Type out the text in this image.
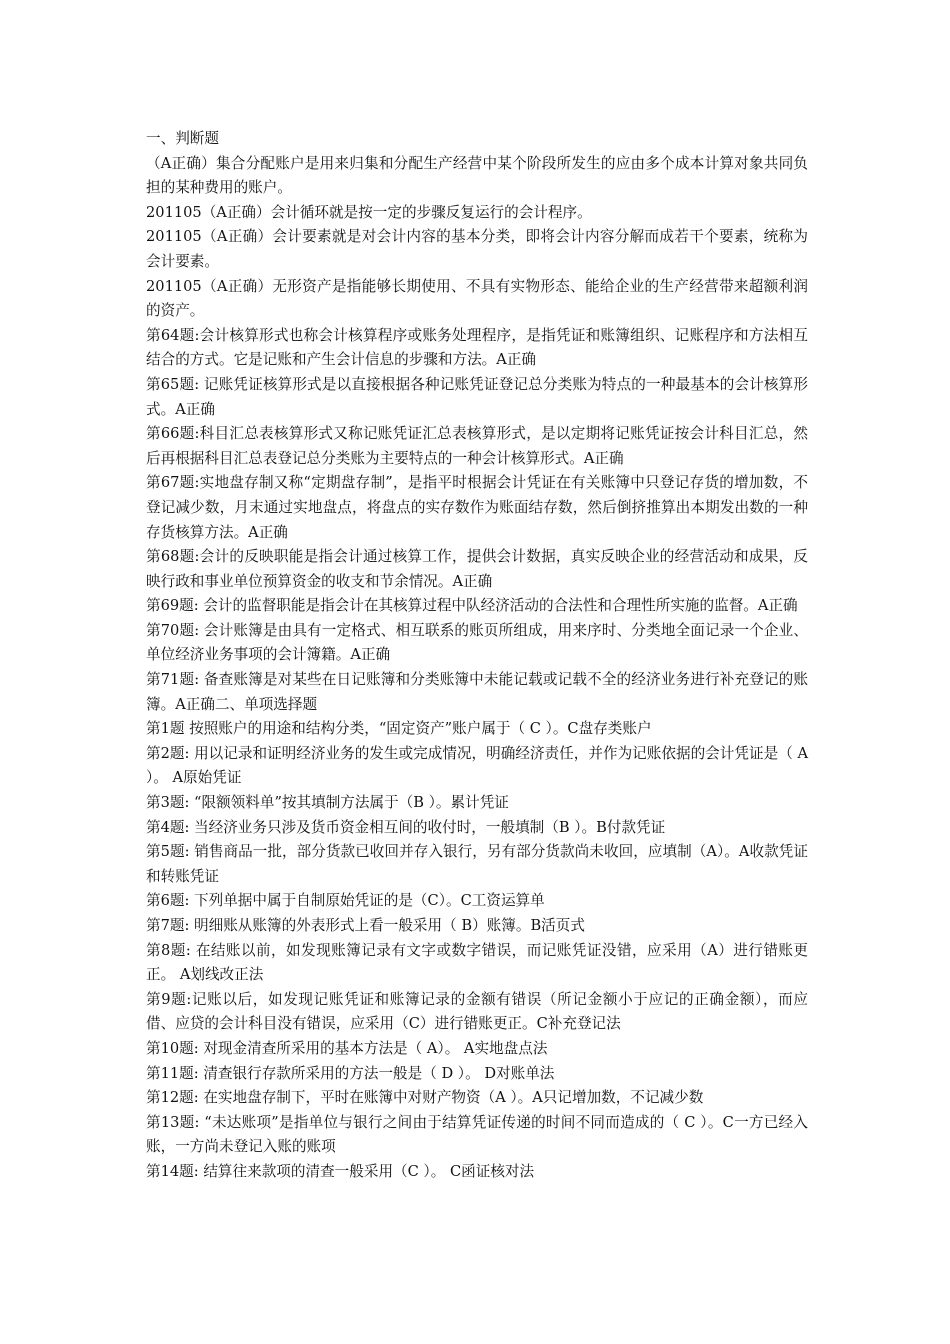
一、判断题

（A正确）集合分配账户是用来归集和分配生产经营中某个阶段所发生的应由多个成本计算对象共同负担的某种费用的账户。

201105（A正确）会计循环就是按一定的步骤反复运行的会计程序。

201105（A正确）会计要素就是对会计内容的基本分类，即将会计内容分解而成若干个要素，统称为会计要素。

201105（A正确）无形资产是指能够长期使用、不具有实物形态、能给企业的生产经营带来超额利润的资产。

第64题:会计核算形式也称会计核算程序或账务处理程序，是指凭证和账簿组织、记账程序和方法相互结合的方式。它是记账和产生会计信息的步骤和方法。A正确

第65题: 记账凭证核算形式是以直接根据各种记账凭证登记总分类账为特点的一种最基本的会计核算形式。A正确

第66题:科目汇总表核算形式又称记账凭证汇总表核算形式，是以定期将记账凭证按会计科目汇总，然后再根据科目汇总表登记总分类账为主要特点的一种会计核算形式。A正确

第67题:实地盘存制又称“定期盘存制”，是指平时根据会计凭证在有关账簿中只登记存货的增加数，不登记减少数，月末通过实地盘点，将盘点的实存数作为账面结存数，然后倒挤推算出本期发出数的一种存货核算方法。A正确

第68题:会计的反映职能是指会计通过核算工作，提供会计数据，真实反映企业的经营活动和成果，反映行政和事业单位预算资金的收支和节余情况。A正确

第69题: 会计的监督职能是指会计在其核算过程中队经济活动的合法性和合理性所实施的监督。A正确

第70题: 会计账簿是由具有一定格式、相互联系的账页所组成，用来序时、分类地全面记录一个企业、单位经济业务事项的会计簿籍。A正确

第71题: 备查账簿是对某些在日记账簿和分类账簿中未能记载或记载不全的经济业务进行补充登记的账簿。A正确二、单项选择题

第1题 按照账户的用途和结构分类，“固定资产”账户属于（ C ）。C盘存类账户

第2题: 用以记录和证明经济业务的发生或完成情况，明确经济责任，并作为记账依据的会计凭证是（ A ）。 A原始凭证

第3题: “限额领料单”按其填制方法属于（B ）。累计凭证

第4题: 当经济业务只涉及货币资金相互间的收付时，一般填制（B ）。B付款凭证

第5题: 销售商品一批，部分货款已收回并存入银行，另有部分货款尚未收回，应填制（A）。A收款凭证和转账凭证

第6题: 下列单据中属于自制原始凭证的是（C）。C工资运算单

第7题: 明细账从账簿的外表形式上看一般采用（ B）账簿。B活页式

第8题: 在结账以前，如发现账簿记录有文字或数字错误，而记账凭证没错，应采用（A）进行错账更正。 A划线改正法

第9题:记账以后，如发现记账凭证和账簿记录的金额有错误（所记金额小于应记的正确金额），而应借、应贷的会计科目没有错误，应采用（C）进行错账更正。C补充登记法

第10题: 对现金清查所采用的基本方法是（ A）。 A实地盘点法

第11题: 清查银行存款所采用的方法一般是（ D ）。 D对账单法

第12题: 在实地盘存制下，平时在账簿中对财产物资（A ）。A只记增加数，不记减少数

第13题: “未达账项”是指单位与银行之间由于结算凭证传递的时间不同而造成的（ C ）。C一方已经入账，一方尚未登记入账的账项

第14题: 结算往来款项的清查一般采用（C ）。 C函证核对法
